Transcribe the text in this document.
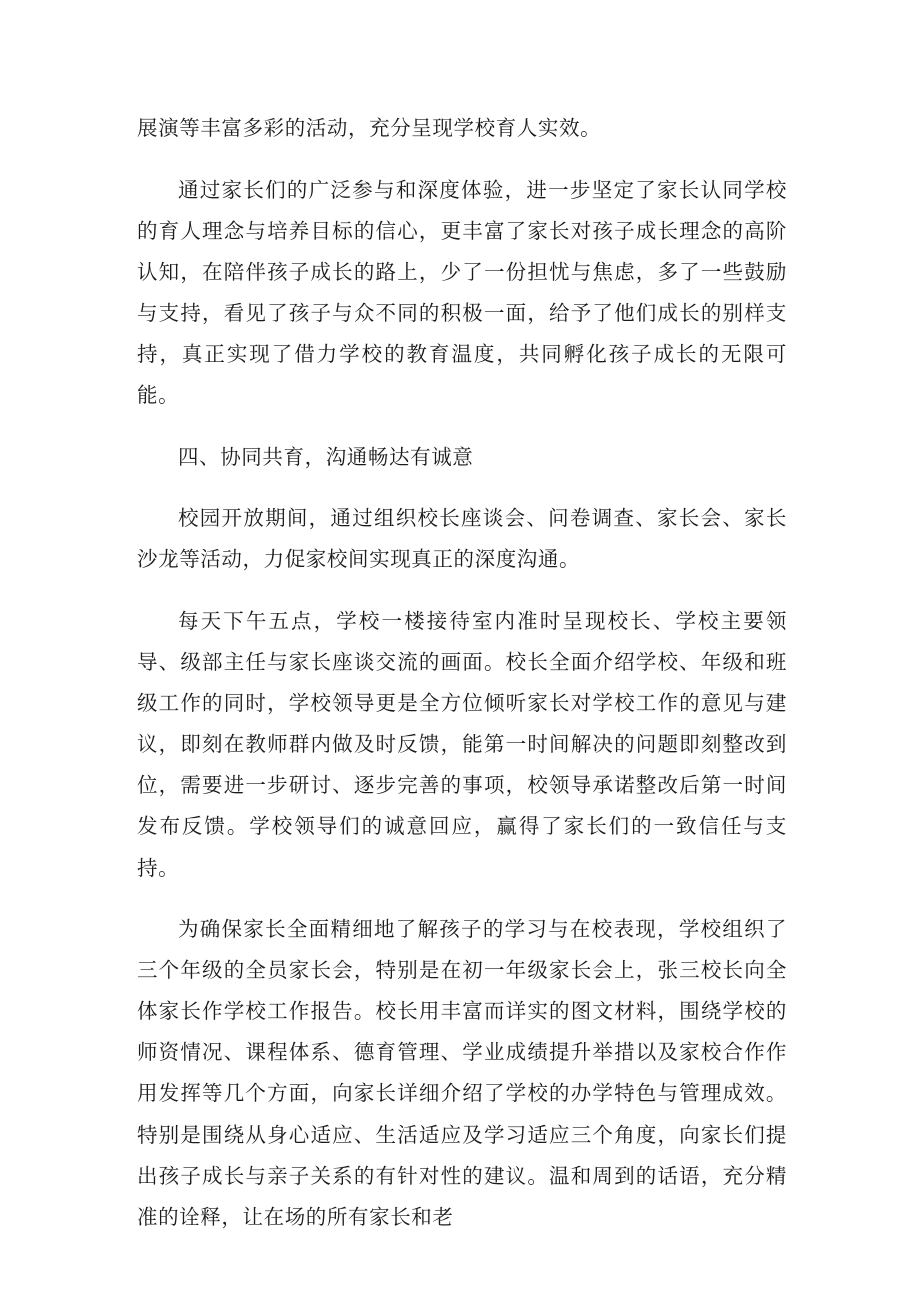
展演等丰富多彩的活动，充分呈现学校育人实效。

通过家长们的广泛参与和深度体验，进一步坚定了家长认同学校的育人理念与培养目标的信心，更丰富了家长对孩子成长理念的高阶认知，在陪伴孩子成长的路上，少了一份担忧与焦虑，多了一些鼓励与支持，看见了孩子与众不同的积极一面，给予了他们成长的别样支持，真正实现了借力学校的教育温度，共同孵化孩子成长的无限可能。

四、协同共育，沟通畅达有诚意

校园开放期间，通过组织校长座谈会、问卷调查、家长会、家长沙龙等活动，力促家校间实现真正的深度沟通。

每天下午五点，学校一楼接待室内准时呈现校长、学校主要领导、级部主任与家长座谈交流的画面。校长全面介绍学校、年级和班级工作的同时，学校领导更是全方位倾听家长对学校工作的意见与建议，即刻在教师群内做及时反馈，能第一时间解决的问题即刻整改到位，需要进一步研讨、逐步完善的事项，校领导承诺整改后第一时间发布反馈。学校领导们的诚意回应，赢得了家长们的一致信任与支持。

为确保家长全面精细地了解孩子的学习与在校表现，学校组织了三个年级的全员家长会，特别是在初一年级家长会上，张三校长向全体家长作学校工作报告。校长用丰富而详实的图文材料，围绕学校的师资情况、课程体系、德育管理、学业成绩提升举措以及家校合作作用发挥等几个方面，向家长详细介绍了学校的办学特色与管理成效。特别是围绕从身心适应、生活适应及学习适应三个角度，向家长们提出孩子成长与亲子关系的有针对性的建议。温和周到的话语，充分精准的诠释，让在场的所有家长和老
